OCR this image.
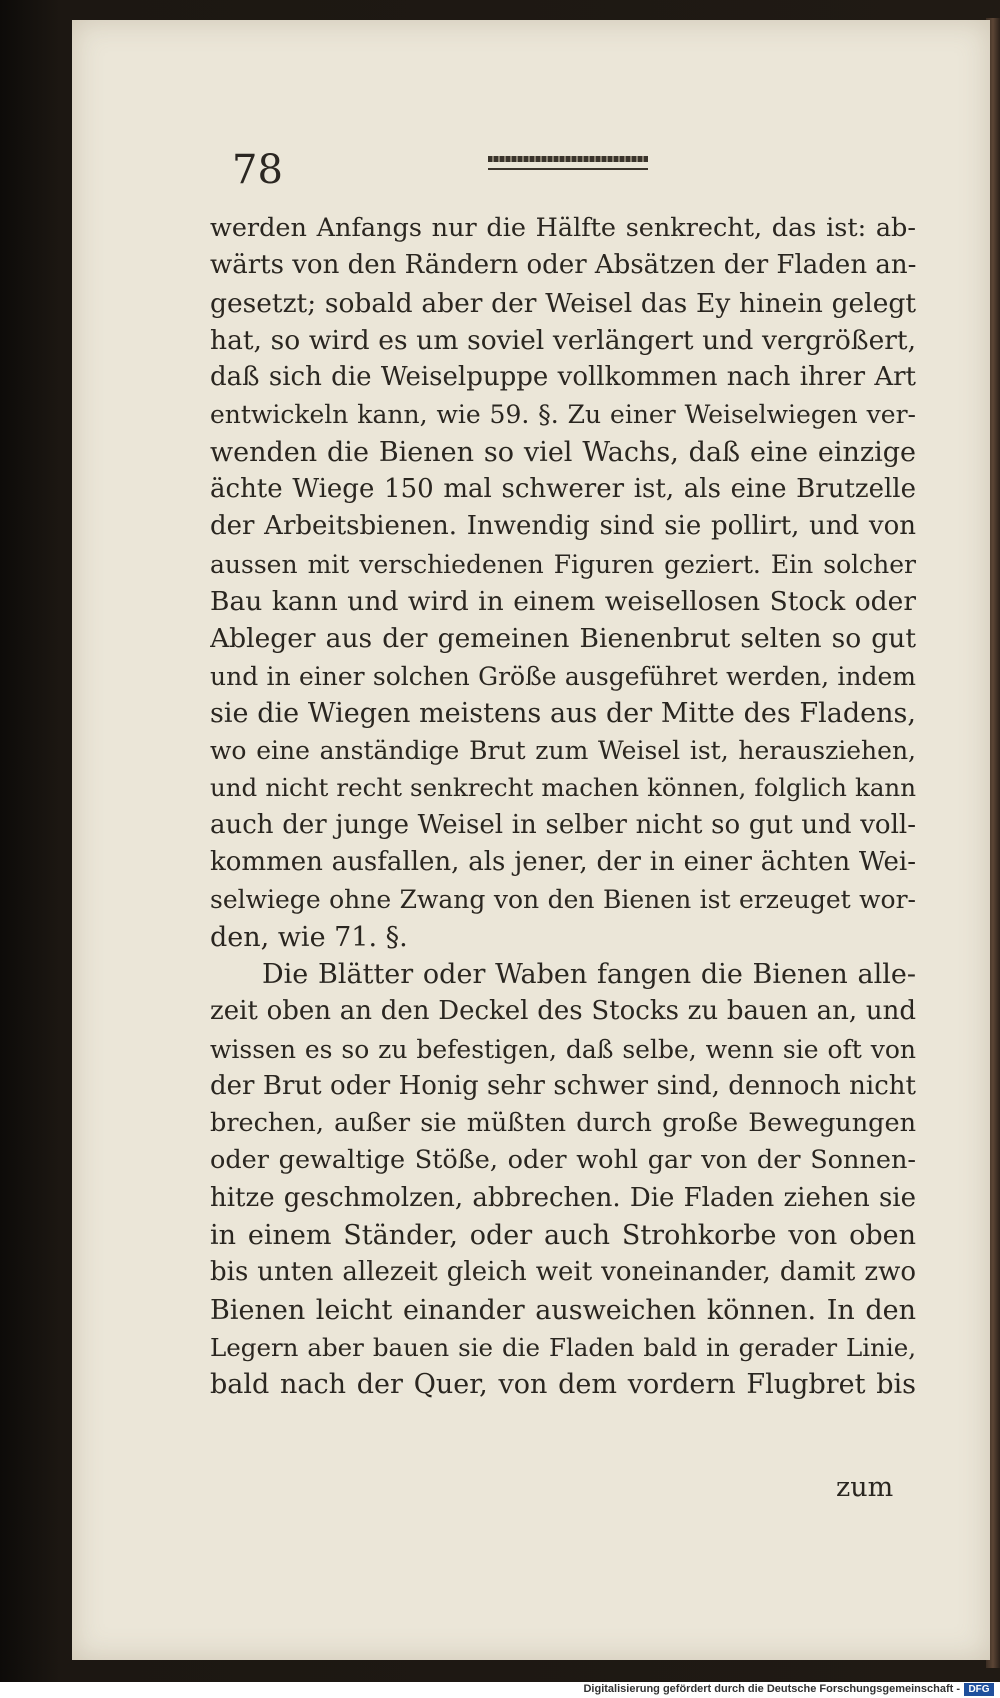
78
werden Anfangs nur die Hälfte senkrecht, das ist: ab-
wärts von den Rändern oder Absätzen der Fladen an-
gesetzt; sobald aber der Weisel das Ey hinein gelegt
hat, so wird es um soviel verlängert und vergrößert,
daß sich die Weiselpuppe vollkommen nach ihrer Art
entwickeln kann, wie 59. §. Zu einer Weiselwiegen ver-
wenden die Bienen so viel Wachs, daß eine einzige
ächte Wiege 150 mal schwerer ist, als eine Brutzelle
der Arbeitsbienen. Inwendig sind sie pollirt, und von
aussen mit verschiedenen Figuren geziert. Ein solcher
Bau kann und wird in einem weisellosen Stock oder
Ableger aus der gemeinen Bienenbrut selten so gut
und in einer solchen Größe ausgeführet werden, indem
sie die Wiegen meistens aus der Mitte des Fladens,
wo eine anständige Brut zum Weisel ist, herausziehen,
und nicht recht senkrecht machen können, folglich kann
auch der junge Weisel in selber nicht so gut und voll-
kommen ausfallen, als jener, der in einer ächten Wei-
selwiege ohne Zwang von den Bienen ist erzeuget wor-
den, wie 71. §.
Die Blätter oder Waben fangen die Bienen alle-
zeit oben an den Deckel des Stocks zu bauen an, und
wissen es so zu befestigen, daß selbe, wenn sie oft von
der Brut oder Honig sehr schwer sind, dennoch nicht
brechen, außer sie müßten durch große Bewegungen
oder gewaltige Stöße, oder wohl gar von der Sonnen-
hitze geschmolzen, abbrechen. Die Fladen ziehen sie
in einem Ständer, oder auch Strohkorbe von oben
bis unten allezeit gleich weit voneinander, damit zwo
Bienen leicht einander ausweichen können. In den
Legern aber bauen sie die Fladen bald in gerader Linie,
bald nach der Quer, von dem vordern Flugbret bis
zum
Digitalisierung gefördert durch die Deutsche Forschungsgemeinschaft - DFG
